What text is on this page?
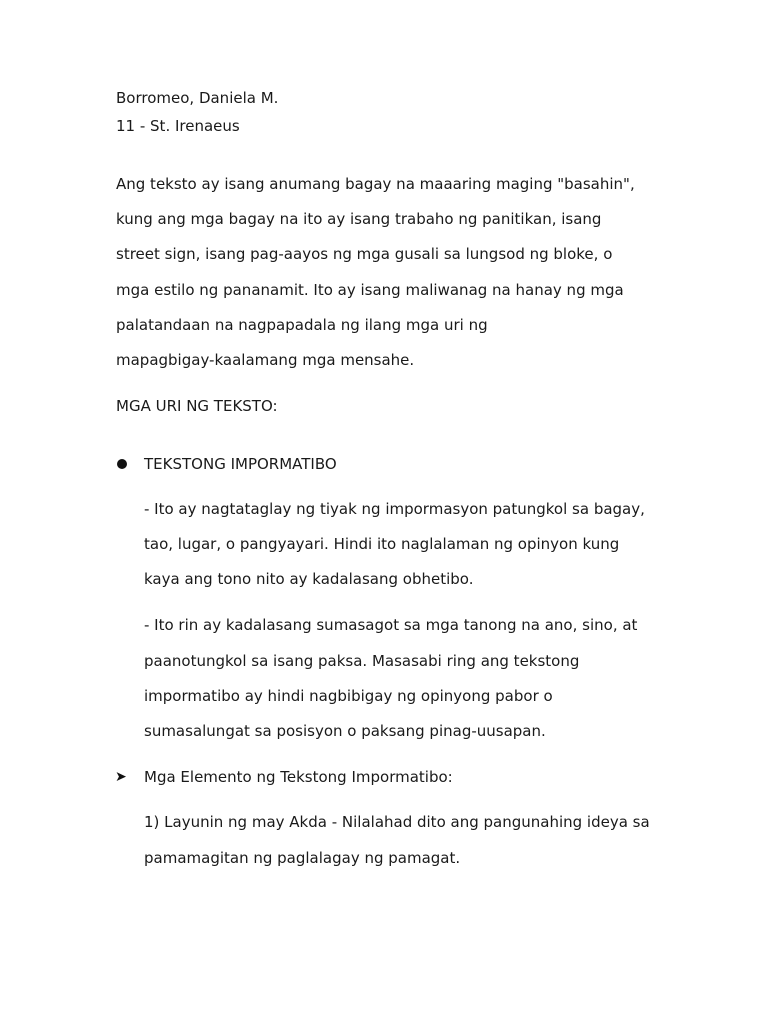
Borromeo, Daniela M.
11 - St. Irenaeus
Ang teksto ay isang anumang bagay na maaaring maging "basahin",
kung ang mga bagay na ito ay isang trabaho ng panitikan, isang
street sign, isang pag-aayos ng mga gusali sa lungsod ng bloke, o
mga estilo ng pananamit. Ito ay isang maliwanag na hanay ng mga
palatandaan na nagpapadala ng ilang mga uri ng
mapagbigay-kaalamang mga mensahe.
MGA URI NG TEKSTO:
TEKSTONG IMPORMATIBO
- Ito ay nagtataglay ng tiyak ng impormasyon patungkol sa bagay,
tao, lugar, o pangyayari. Hindi ito naglalaman ng opinyon kung
kaya ang tono nito ay kadalasang obhetibo.
- Ito rin ay kadalasang sumasagot sa mga tanong na ano, sino, at
paanotungkol sa isang paksa. Masasabi ring ang tekstong
impormatibo ay hindi nagbibigay ng opinyong pabor o
sumasalungat sa posisyon o paksang pinag-uusapan.
➤ Mga Elemento ng Tekstong Impormatibo:
1) Layunin ng may Akda - Nilalahad dito ang pangunahing ideya sa
pamamagitan ng paglalagay ng pamagat.
